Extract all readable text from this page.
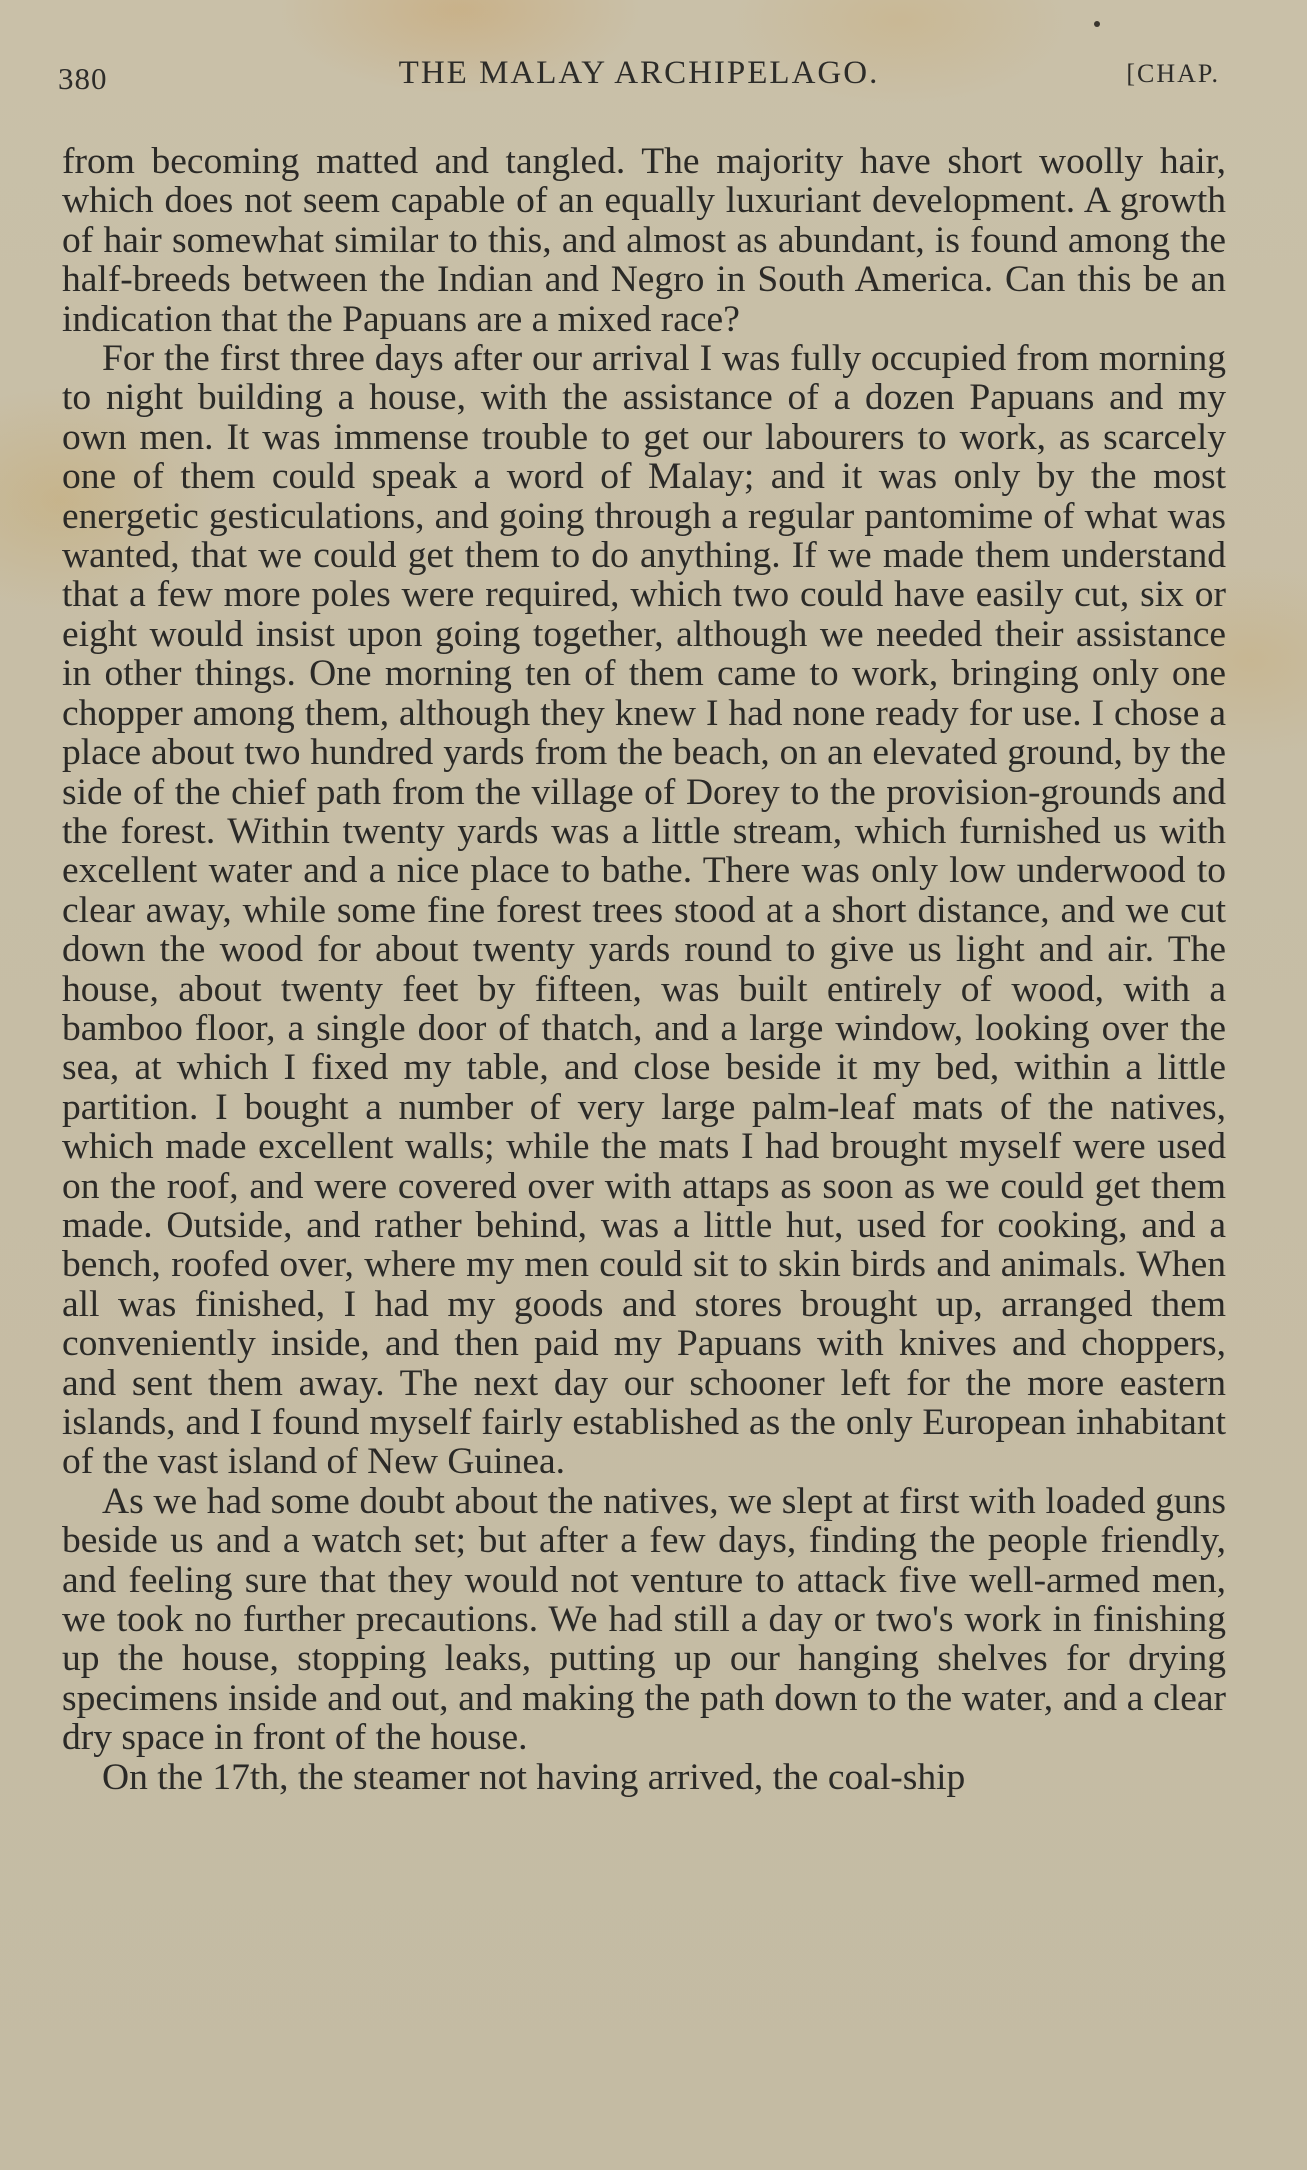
380	THE MALAY ARCHIPELAGO.	[CHAP.

from becoming matted and tangled. The majority have short woolly hair, which does not seem capable of an equally luxuriant development. A growth of hair somewhat similar to this, and almost as abundant, is found among the half-breeds between the Indian and Negro in South America. Can this be an indication that the Papuans are a mixed race?

For the first three days after our arrival I was fully occupied from morning to night building a house, with the assistance of a dozen Papuans and my own men. It was immense trouble to get our labourers to work, as scarcely one of them could speak a word of Malay; and it was only by the most energetic gesticulations, and going through a regular pantomime of what was wanted, that we could get them to do anything. If we made them understand that a few more poles were required, which two could have easily cut, six or eight would insist upon going together, although we needed their assistance in other things. One morning ten of them came to work, bringing only one chopper among them, although they knew I had none ready for use. I chose a place about two hundred yards from the beach, on an elevated ground, by the side of the chief path from the village of Dorey to the provision-grounds and the forest. Within twenty yards was a little stream, which furnished us with excellent water and a nice place to bathe. There was only low underwood to clear away, while some fine forest trees stood at a short distance, and we cut down the wood for about twenty yards round to give us light and air. The house, about twenty feet by fifteen, was built entirely of wood, with a bamboo floor, a single door of thatch, and a large window, looking over the sea, at which I fixed my table, and close beside it my bed, within a little partition. I bought a number of very large palm-leaf mats of the natives, which made excellent walls; while the mats I had brought myself were used on the roof, and were covered over with attaps as soon as we could get them made. Outside, and rather behind, was a little hut, used for cooking, and a bench, roofed over, where my men could sit to skin birds and animals. When all was finished, I had my goods and stores brought up, arranged them conveniently inside, and then paid my Papuans with knives and choppers, and sent them away. The next day our schooner left for the more eastern islands, and I found myself fairly established as the only European inhabitant of the vast island of New Guinea.

As we had some doubt about the natives, we slept at first with loaded guns beside us and a watch set; but after a few days, finding the people friendly, and feeling sure that they would not venture to attack five well-armed men, we took no further precautions. We had still a day or two's work in finishing up the house, stopping leaks, putting up our hanging shelves for drying specimens inside and out, and making the path down to the water, and a clear dry space in front of the house.

On the 17th, the steamer not having arrived, the coal-ship
